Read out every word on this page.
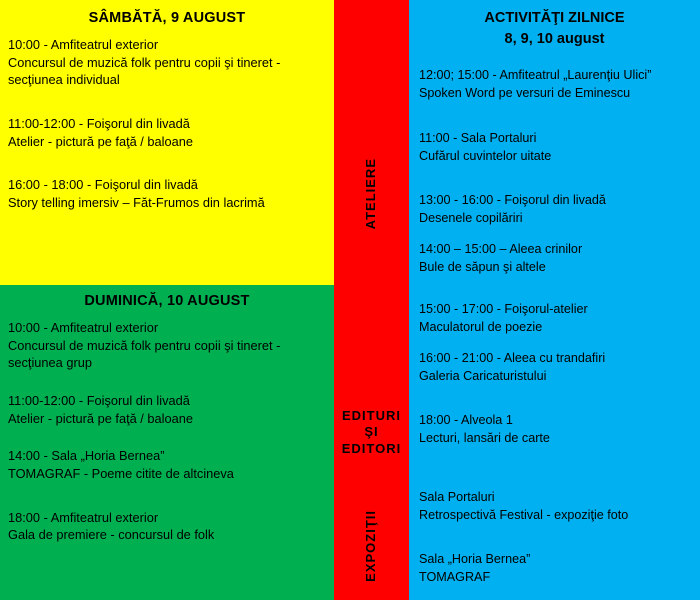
SÂMBĂTĂ, 9 AUGUST
10:00 - Amfiteatrul exterior
Concursul de muzică folk pentru copii şi tineret -
secţiunea individual
11:00-12:00 - Foişorul din livadă
Atelier - pictură pe faţă / baloane
16:00 - 18:00 - Foişorul din livadă
Story telling imersiv – Făt-Frumos din lacrimă
DUMINICĂ, 10 AUGUST
10:00 - Amfiteatrul exterior
Concursul de muzică folk pentru copii şi tineret -
secţiunea grup
11:00-12:00 - Foişorul din livadă
Atelier - pictură pe faţă / baloane
14:00 - Sala „Horia Bernea”
TOMAGRAF - Poeme citite de altcineva
18:00 - Amfiteatrul exterior
Gala de premiere - concursul de folk
ATELIERE
EDITURI
ŞI
EDITORI
EXPOZIŢII
ACTIVITĂŢI ZILNICE
8, 9, 10 august
12:00; 15:00 - Amfiteatrul „Laurenţiu Ulici”
Spoken Word pe versuri de Eminescu
11:00 - Sala Portaluri
Cufărul cuvintelor uitate
13:00 - 16:00 - Foişorul din livadă
Desenele copilăriri
14:00 – 15:00 – Aleea crinilor
Bule de săpun şi altele
15:00 - 17:00 - Foişorul-atelier
Maculatorul de poezie
16:00 - 21:00 - Aleea cu trandafiri
Galeria Caricaturistului
18:00 - Alveola 1
Lecturi, lansări de carte
Sala Portaluri
Retrospectivă Festival - expoziţie foto
Sala „Horia Bernea”
TOMAGRAF
